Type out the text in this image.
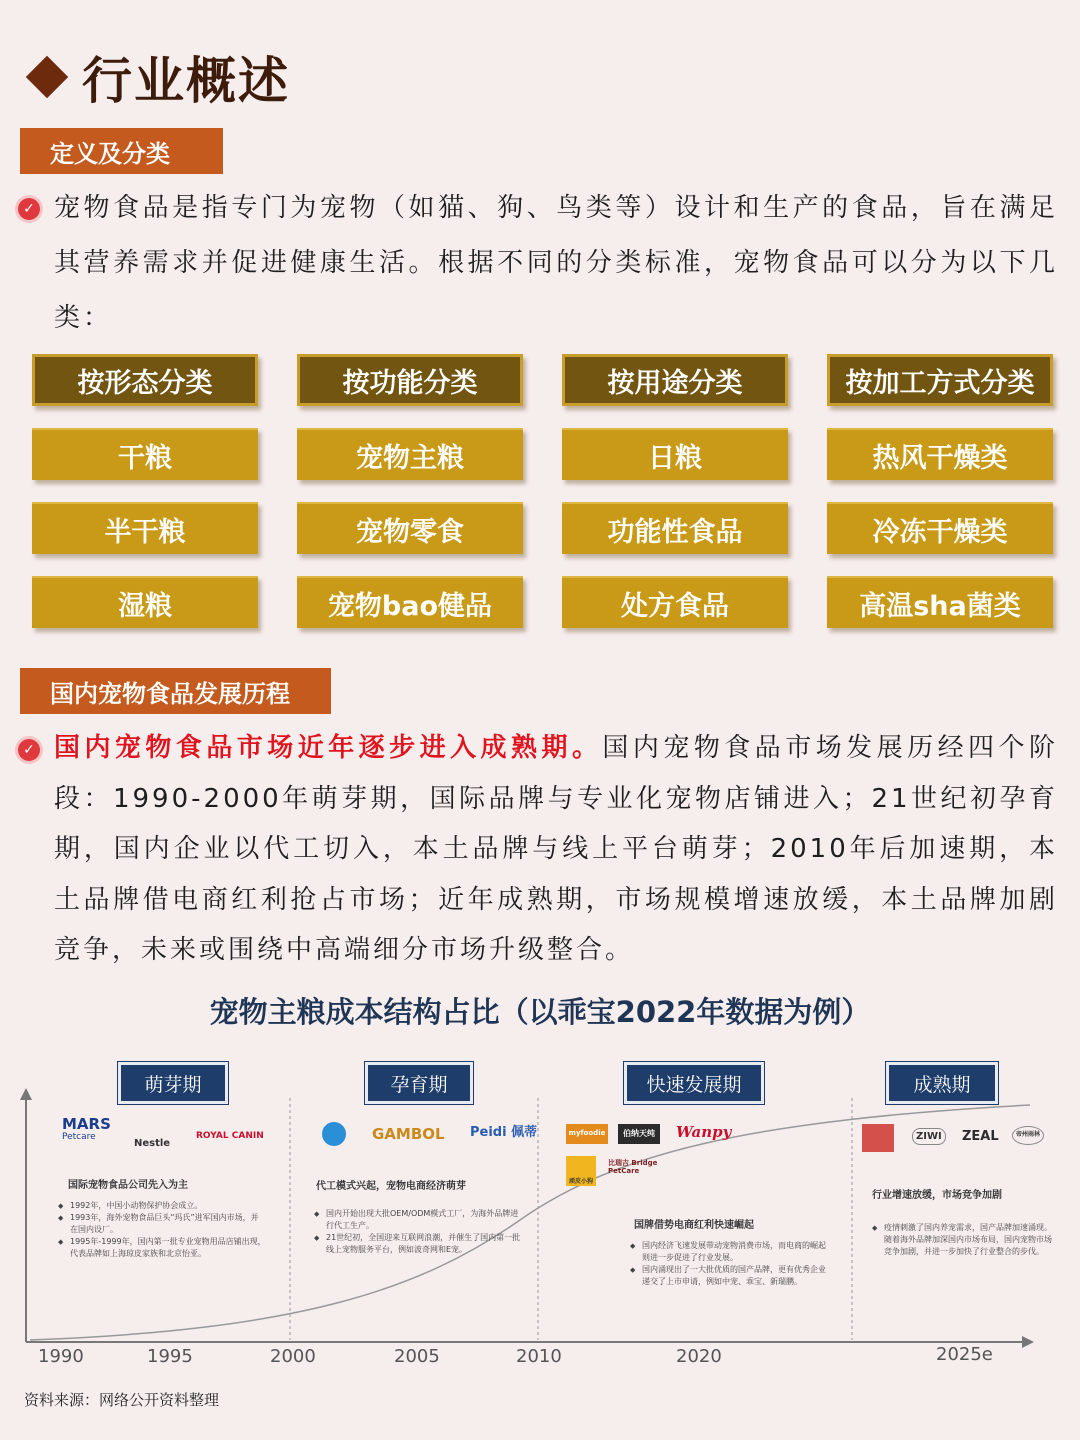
行业概述
定义及分类
✓ 宠物食品是指专门为宠物（如猫、狗、鸟类等）设计和生产的食品，旨在满足其营养需求并促进健康生活。根据不同的分类标准，宠物食品可以分为以下几类：
按形态分类	按功能分类	按用途分类	按加工方式分类
干粮	宠物主粮	日粮	热风干燥类
半干粮	宠物零食	功能性食品	冷冻干燥类
湿粮	宠物bao健品	处方食品	高温sha菌类
国内宠物食品发展历程
✓ 国内宠物食品市场近年逐步进入成熟期。国内宠物食品市场发展历经四个阶段：1990-2000年萌芽期，国际品牌与专业化宠物店铺进入；21世纪初孕育期，国内企业以代工切入，本土品牌与线上平台萌芽；2010年后加速期，本土品牌借电商红利抢占市场；近年成熟期，市场规模增速放缓，本土品牌加剧竞争，未来或围绕中高端细分市场升级整合。
宠物主粮成本结构占比（以乖宝2022年数据为例）
萌芽期
MARS
Petcare
Nestle
ROYAL CANIN
国际宠物食品公司先入为主
◆ 1992年，中国小动物保护协会成立。
◆ 1993年，海外宠物食品巨头“玛氏”进军国内市场，并在国内设厂。
◆ 1995年-1999年，国内第一批专业宠物用品店铺出现，代表品牌如上海琼皮家族和北京怡亚。
孕育期
GAMBOL Peidi 佩蒂
代工模式兴起，宠物电商经济萌芽
◆ 国内开始出现大批OEM/ODM模式工厂，为海外品牌进行代工生产。
◆ 21世纪初，全国迎来互联网浪潮，并催生了国内第一批线上宠物服务平台，例如波奇网和E宠。
快速发展期
myfoodie	伯纳天纯	Wanpy
顽皮小狗
比瑞吉 Bridge PetCare
国牌借势电商红利快速崛起
◆ 国内经济飞速发展带动宠物消费市场，而电商的崛起则进一步促进了行业发展。
◆ 国内涌现出了一大批优质的国产品牌，更有优秀企业递交了上市申请，例如中宠、乖宝、新瑞鹏。
成熟期
ZIWI	ZEAL	帝州雨林
行业增速放缓，市场竞争加剧
◆ 疫情刺激了国内养宠需求，国产品牌加速涌现。随着海外品牌加深国内市场布局，国内宠物市场竞争加剧，并进一步加快了行业整合的步伐。
1990	1995	2000	2005	2010	2020	2025e
资料来源：网络公开资料整理
